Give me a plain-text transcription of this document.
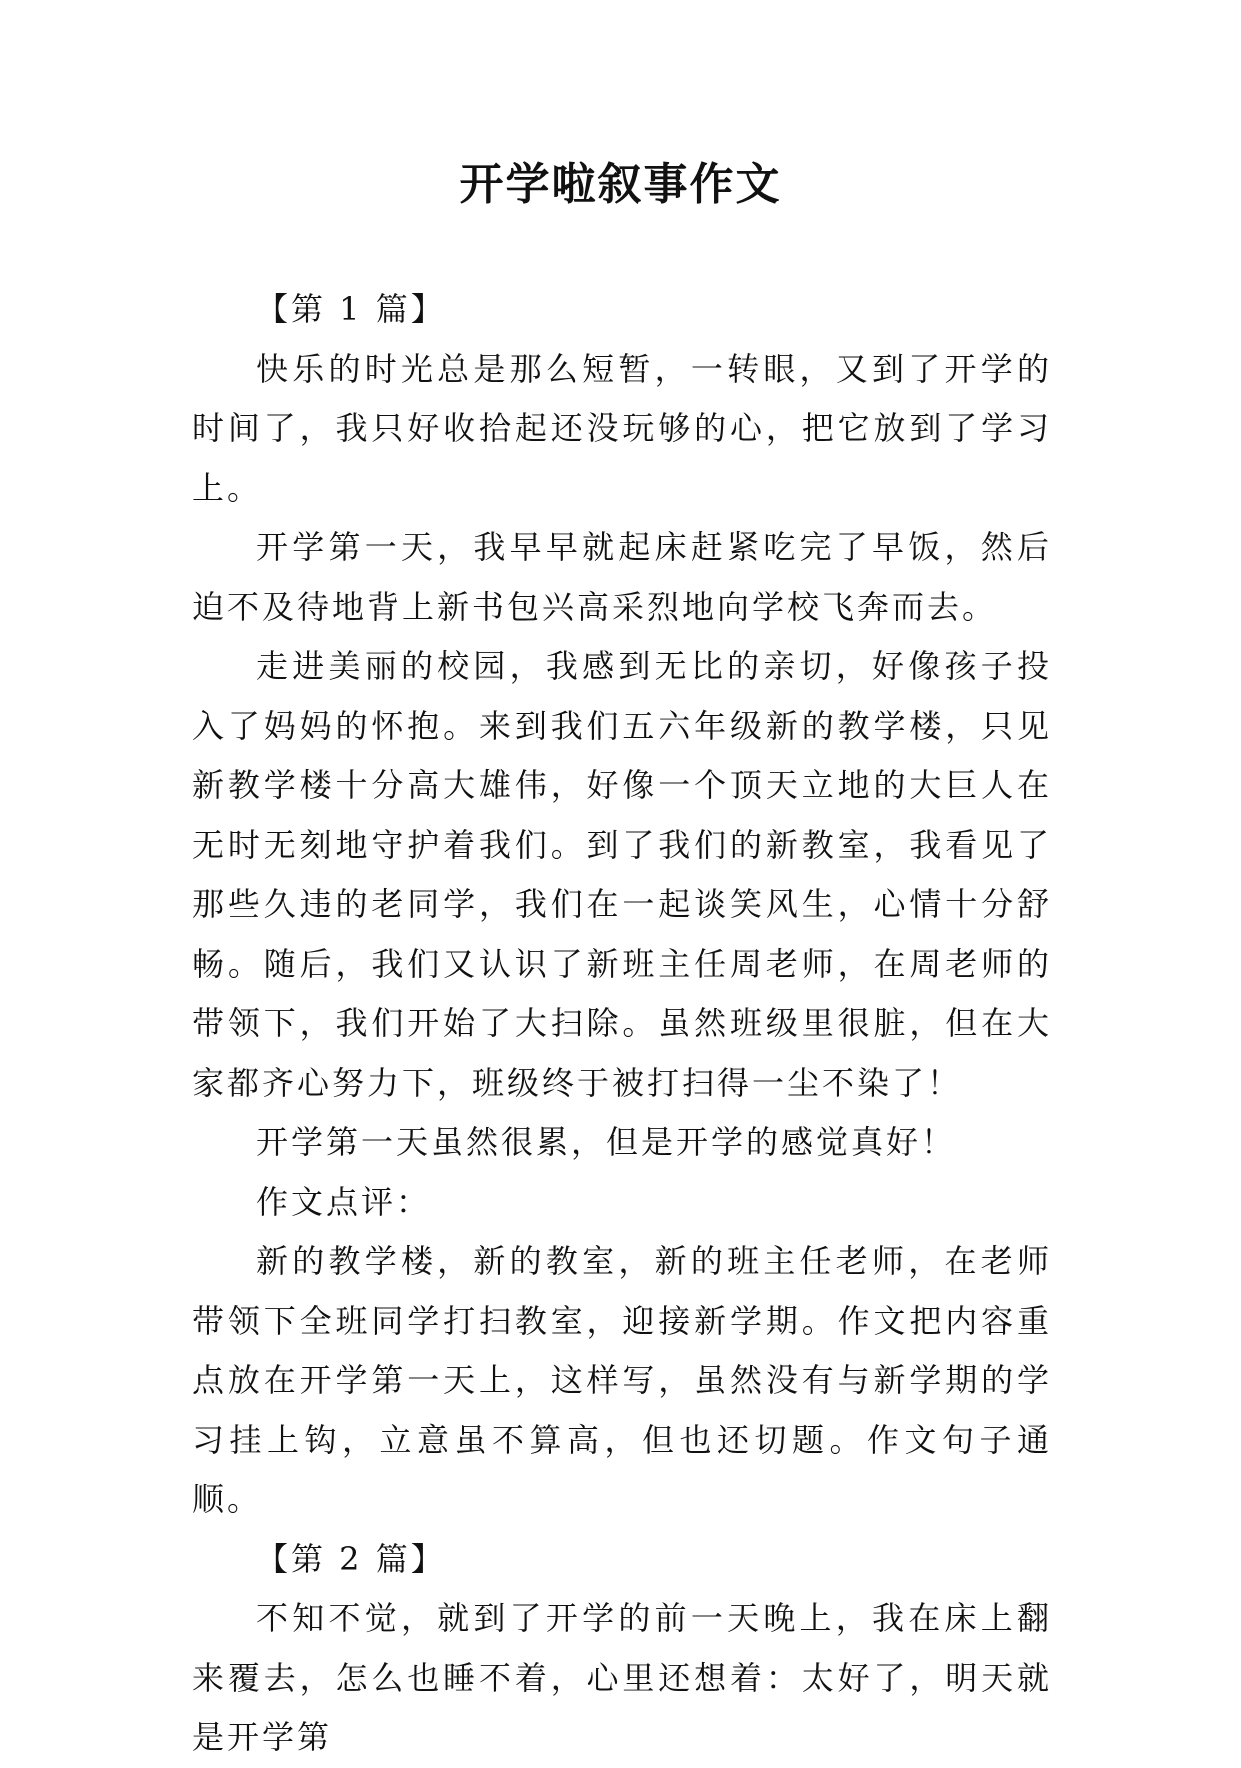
开学啦叙事作文

【第 1 篇】

快乐的时光总是那么短暂，一转眼，又到了开学的时间了，我只好收拾起还没玩够的心，把它放到了学习上。

开学第一天，我早早就起床赶紧吃完了早饭，然后迫不及待地背上新书包兴高采烈地向学校飞奔而去。

走进美丽的校园，我感到无比的亲切，好像孩子投入了妈妈的怀抱。来到我们五六年级新的教学楼，只见新教学楼十分高大雄伟，好像一个顶天立地的大巨人在无时无刻地守护着我们。到了我们的新教室，我看见了那些久违的老同学，我们在一起谈笑风生，心情十分舒畅。随后，我们又认识了新班主任周老师，在周老师的带领下，我们开始了大扫除。虽然班级里很脏，但在大家都齐心努力下，班级终于被打扫得一尘不染了！

开学第一天虽然很累，但是开学的感觉真好！

作文点评：

新的教学楼，新的教室，新的班主任老师，在老师带领下全班同学打扫教室，迎接新学期。作文把内容重点放在开学第一天上，这样写，虽然没有与新学期的学习挂上钩，立意虽不算高，但也还切题。作文句子通顺。

【第 2 篇】

不知不觉，就到了开学的前一天晚上，我在床上翻来覆去，怎么也睡不着，心里还想着：太好了，明天就是开学第
